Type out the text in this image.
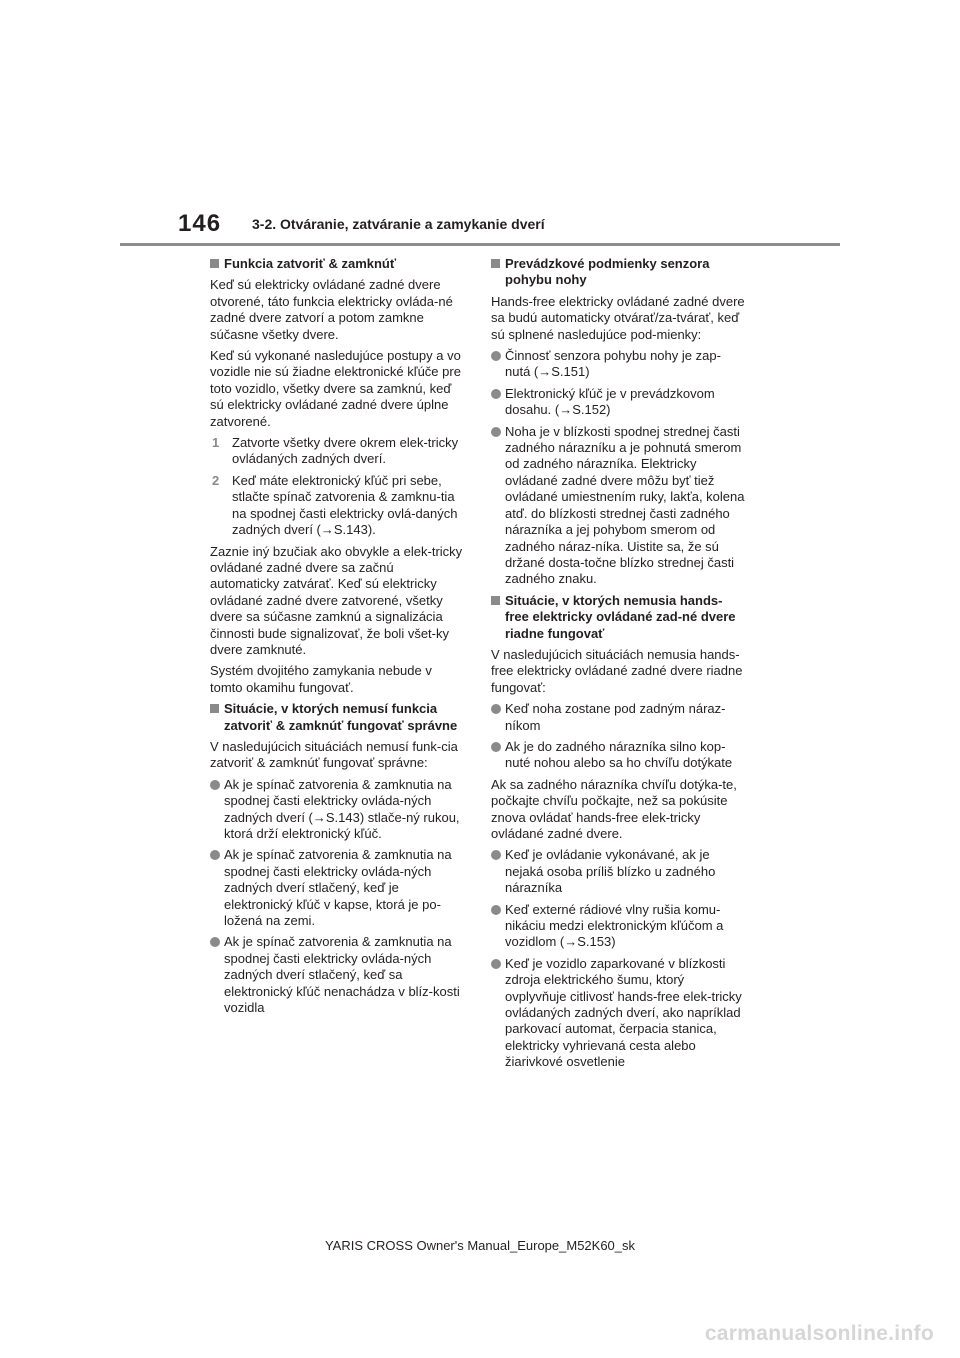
146 3-2. Otváranie, zatváranie a zamykanie dverí
Funkcia zatvoriť & zamknúť

Keď sú elektricky ovládané zadné dvere otvorené, táto funkcia elektricky ovláda-né zadné dvere zatvorí a potom zamkne súčasne všetky dvere.

Keď sú vykonané nasledujúce postupy a vo vozidle nie sú žiadne elektronické kľúče pre toto vozidlo, všetky dvere sa zamknú, keď sú elektricky ovládané zadné dvere úplne zatvorené.

1 Zatvorte všetky dvere okrem elek-tricky ovládaných zadných dverí.
2 Keď máte elektronický kľúč pri sebe, stlačte spínač zatvorenia & zamknu-tia na spodnej časti elektricky ovlá-daných zadných dverí (→S.143).

Zaznie iný bzučiak ako obvykle a elek-tricky ovládané zadné dvere sa začnú automaticky zatvárať. Keď sú elektricky ovládané zadné dvere zatvorené, všetky dvere sa súčasne zamknú a signalizácia činnosti bude signalizovať, že boli všet-ky dvere zamknuté.

Systém dvojitého zamykania nebude v tomto okamihu fungovať.

Situácie, v ktorých nemusí funkcia zatvoriť & zamknúť fungovať správne

V nasledujúcich situáciách nemusí funk-cia zatvoriť & zamknúť fungovať správne:

Ak je spínač zatvorenia & zamknutia na spodnej časti elektricky ovláda-ných zadných dverí (→S.143) stlače-ný rukou, ktorá drží elektronický kľúč.
Ak je spínač zatvorenia & zamknutia na spodnej časti elektricky ovláda-ných zadných dverí stlačený, keď je elektronický kľúč v kapse, ktorá je po-ložená na zemi.
Ak je spínač zatvorenia & zamknutia na spodnej časti elektricky ovláda-ných zadných dverí stlačený, keď sa elektronický kľúč nenachádza v blíz-kosti vozidla
Prevádzkové podmienky senzora pohybu nohy

Hands-free elektricky ovládané zadné dvere sa budú automaticky otvárať/za-tvárať, keď sú splnené nasledujúce pod-mienky:

Činnosť senzora pohybu nohy je zap-nutá (→S.151)
Elektronický kľúč je v prevádzkovom dosahu. (→S.152)
Noha je v blízkosti spodnej strednej časti zadného nárazníku a je pohnutá smerom od zadného nárazníka. Elektricky ovládané zadné dvere môžu byť tiež ovládané umiestnením ruky, lakťa, kolena atď. do blízkosti strednej časti zadného nárazníka a jej pohybom smerom od zadného náraz-níka. Uistite sa, že sú držané dosta-točne blízko strednej časti zadného znaku.
Situácie, v ktorých nemusia hands-free elektricky ovládané zad-né dvere riadne fungovať

V nasledujúcich situáciách nemusia hands-free elektricky ovládané zadné dvere riadne fungovať:

Keď noha zostane pod zadným náraz-níkom
Ak je do zadného nárazníka silno kop-nuté nohou alebo sa ho chvíľu dotýkate

Ak sa zadného nárazníka chvíľu dotýka-te, počkajte chvíľu počkajte, než sa pokúsite znova ovládať hands-free elek-tricky ovládané zadné dvere.

Keď je ovládanie vykonávané, ak je nejaká osoba príliš blízko u zadného nárazníka
Keď externé rádiové vlny rušia komu-nikáciu medzi elektronickým kľúčom a vozidlom (→S.153)
Keď je vozidlo zaparkované v blízkosti zdroja elektrického šumu, ktorý ovplyvňuje citlivosť hands-free elek-tricky ovládaných zadných dverí, ako napríklad parkovací automat, čerpacia stanica, elektricky vyhrievaná cesta alebo žiarivkové osvetlenie
YARIS CROSS Owner's Manual_Europe_M52K60_sk
carmanualsonline.info
